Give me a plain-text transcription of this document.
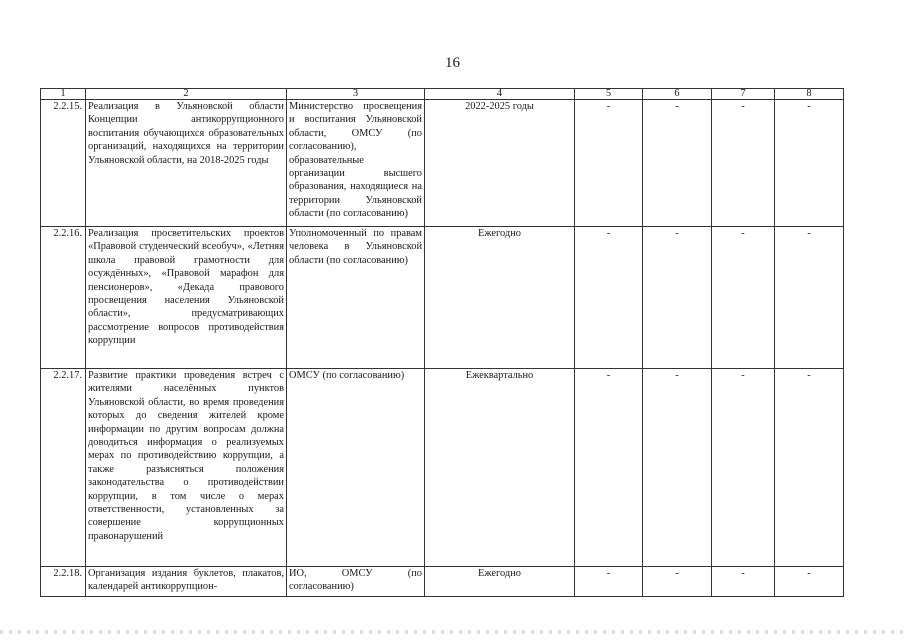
16
1	2	3	4	5	6	7	8
2.2.15.	Реализация в Ульяновской области Концепции антикоррупционного воспитания обучающихся образовательных организаций, находящихся на территории Ульяновской области, на 2018-2025 годы	Министерство просвещения и воспитания Ульяновской области, ОМСУ (по согласованию), образовательные организации высшего образования, находящиеся на территории Ульяновской области (по согласованию)	2022-2025 годы	-	-	-	-
2.2.16.	Реализация просветительских проектов «Правовой студенческий всеобуч», «Летняя школа правовой грамотности для осуждённых», «Правовой марафон для пенсионеров», «Декада правового просвещения населения Ульяновской области», предусматривающих рассмотрение вопросов противодействия коррупции	Уполномоченный по правам человека в Ульяновской области (по согласованию)	Ежегодно	-	-	-	-
2.2.17.	Развитие практики проведения встреч с жителями населённых пунктов Ульяновской области, во время проведения которых до сведения жителей кроме информации по другим вопросам должна доводиться информация о реализуемых мерах по противодействию коррупции, а также разъясняться положения законодательства о противодействии коррупции, в том числе о мерах ответственности, установленных за совершение коррупционных правонарушений	ОМСУ (по согласованию)	Ежеквартально	-	-	-	-
2.2.18.	Организация издания буклетов, плакатов, календарей антикоррупцион-	ИО, ОМСУ (по согласованию)	Ежегодно	-	-	-	-
